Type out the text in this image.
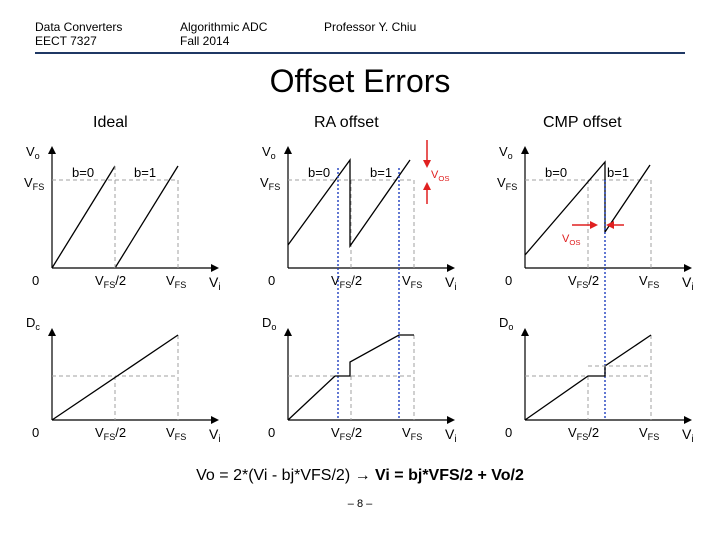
Data Converters
EECT 7327
Algorithmic ADC
Fall 2014
Professor Y. Chiu
Offset Errors
Ideal	RA offset	CMP offset
$V_o$
$V_{FS}$
0	$V_{FS}/2$	$V_{FS}$ $V_i$
b=0	b=1
$D_c$
0	$V_{FS}/2$	$V_{FS}$ $V_i$
$V_o$
$V_{FS}$
0	$V_{FS}/2$	$V_{FS}$ $V_i$
b=0	b=1	$V_{OS}$
$D_o$
0	$V_{FS}/2$	$V_{FS}$ $V_i$
$V_o$
$V_{FS}$
0	$V_{FS}/2$	$V_{FS}$ $V_i$
b=0	b=1
$V_{OS}$
$D_o$
0	$V_{FS}/2$	$V_{FS}$ $V_i$
Vo = 2*(Vi - bj*VFS/2) → Vi = bj*VFS/2 + Vo/2
– 8 –
